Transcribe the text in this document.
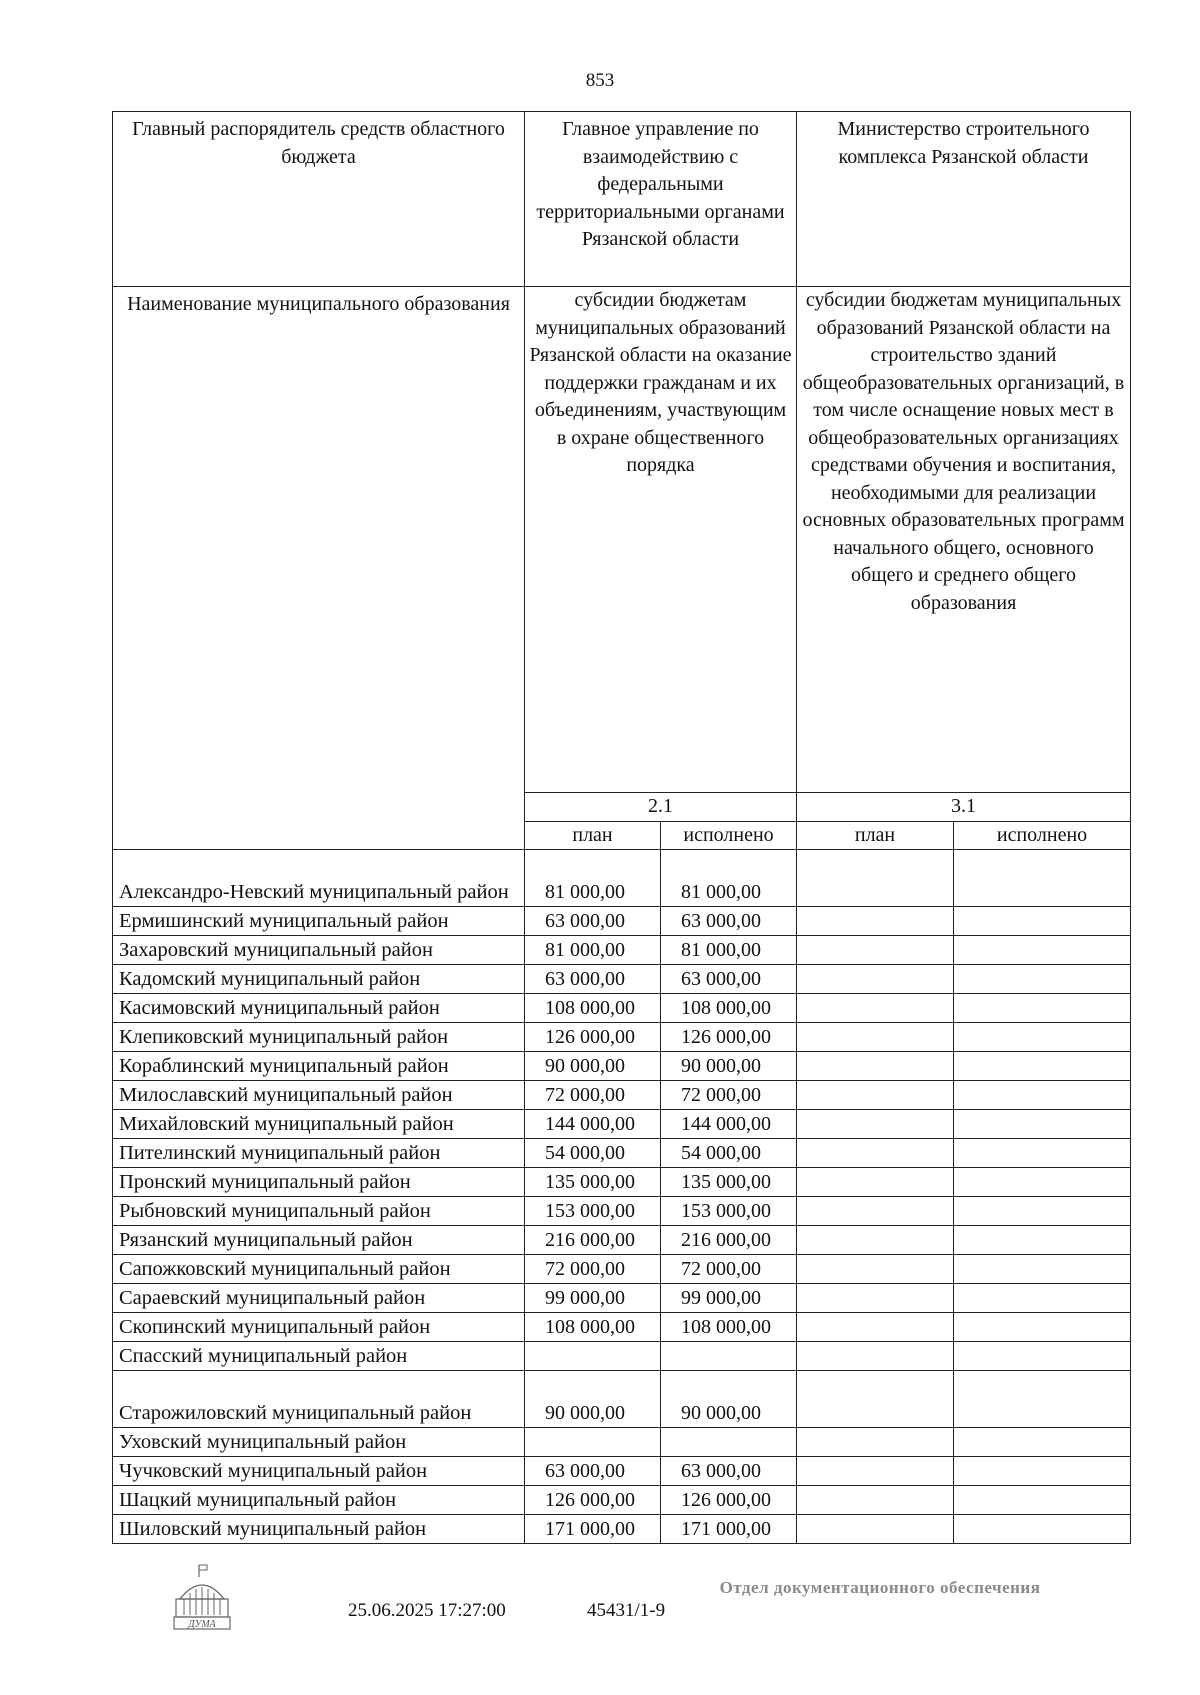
853
Главный распорядитель средств областного бюджета	Главное управление по взаимодействию с федеральными территориальными органами Рязанской области		Министерство строительного комплекса Рязанской области	
Наименование муниципального образования	субсидии бюджетам муниципальных образований Рязанской области на оказание поддержки гражданам и их объединениям, участвующим в охране общественного порядка		субсидии бюджетам муниципальных образований Рязанской области на строительство зданий общеобразовательных организаций, в том числе оснащение новых мест в общеобразовательных организациях средствами обучения и воспитания, необходимыми для реализации основных образовательных программ начального общего, основного общего и среднего общего образования	
	2.1		3.1	
	план	исполнено	план	исполнено
Александро-Невский муниципальный район	81 000,00	81 000,00		
Ермишинский муниципальный район	63 000,00	63 000,00		
Захаровский муниципальный район	81 000,00	81 000,00		
Кадомский муниципальный район	63 000,00	63 000,00		
Касимовский муниципальный район	108 000,00	108 000,00		
Клепиковский муниципальный район	126 000,00	126 000,00		
Кораблинский муниципальный район	90 000,00	90 000,00		
Милославский муниципальный район	72 000,00	72 000,00		
Михайловский муниципальный район	144 000,00	144 000,00		
Пителинский муниципальный район	54 000,00	54 000,00		
Пронский муниципальный район	135 000,00	135 000,00		
Рыбновский муниципальный район	153 000,00	153 000,00		
Рязанский муниципальный район	216 000,00	216 000,00		
Сапожковский муниципальный район	72 000,00	72 000,00		
Сараевский муниципальный район	99 000,00	99 000,00		
Скопинский муниципальный район	108 000,00	108 000,00		
Спасский муниципальный район				
Старожиловский муниципальный район	90 000,00	90 000,00		
Уховский муниципальный район				
Чучковский муниципальный район	63 000,00	63 000,00		
Шацкий муниципальный район	126 000,00	126 000,00		
Шиловский муниципальный район	171 000,00	171 000,00		
ДУМА
25.06.2025 17:27:00	45431/1-9
Отдел документационного обеспечения
